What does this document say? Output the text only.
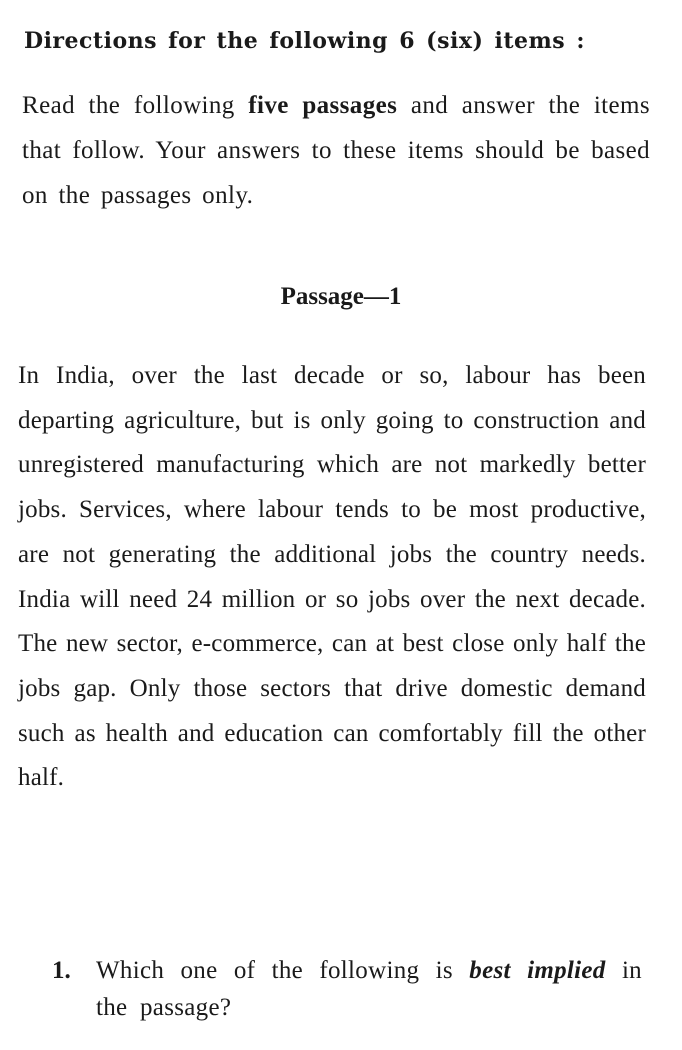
Directions for the following 6 (six) items :
Read the following five passages and answer the items that follow. Your answers to these items should be based on the passages only.
Passage—1
In India, over the last decade or so, labour has been departing agriculture, but is only going to construction and unregistered manufacturing which are not markedly better jobs. Services, where labour tends to be most productive, are not generating the additional jobs the country needs. India will need 24 million or so jobs over the next decade. The new sector, e-commerce, can at best close only half the jobs gap. Only those sectors that drive domestic demand such as health and education can comfortably fill the other half.
1.	Which one of the following is best implied in the passage?
